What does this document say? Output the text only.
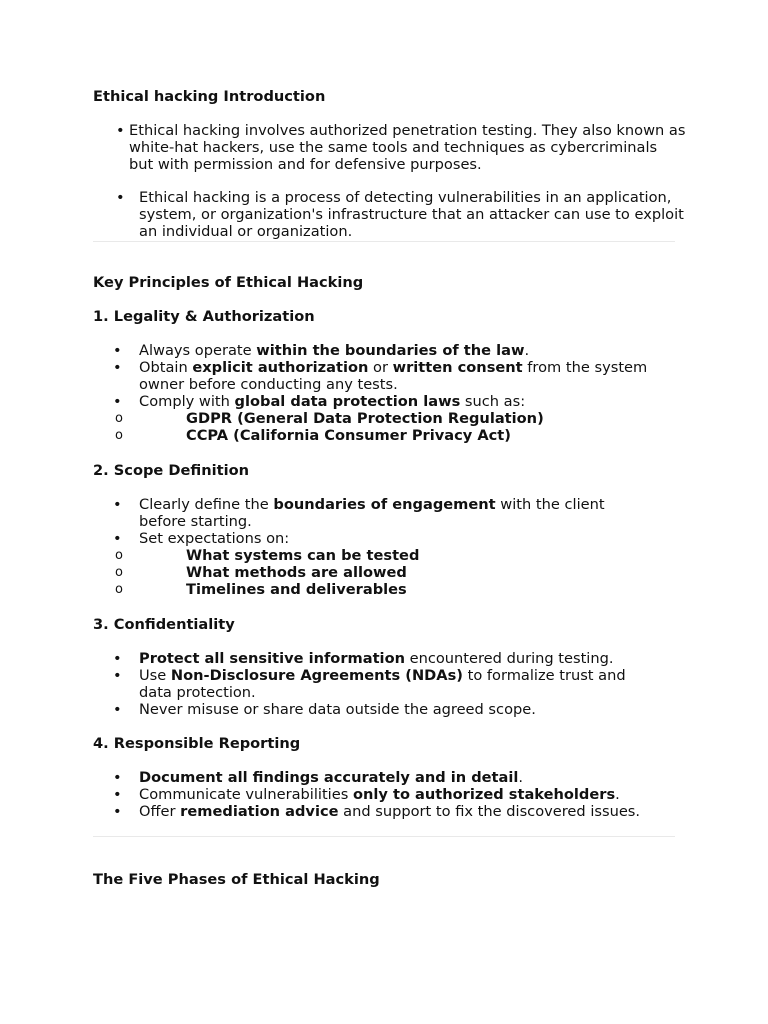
Ethical hacking Introduction
• Ethical hacking involves authorized penetration testing. They also known as white-hat hackers, use the same tools and techniques as cybercriminals but with permission and for defensive purposes.
• Ethical hacking is a process of detecting vulnerabilities in an application, system, or organization's infrastructure that an attacker can use to exploit an individual or organization.
Key Principles of Ethical Hacking
1. Legality & Authorization
• Always operate within the boundaries of the law.
• Obtain explicit authorization or written consent from the system owner before conducting any tests.
• Comply with global data protection laws such as:
o	GDPR (General Data Protection Regulation)
o	CCPA (California Consumer Privacy Act)
2. Scope Definition
• Clearly define the boundaries of engagement with the client before starting.
• Set expectations on:
o	What systems can be tested
o	What methods are allowed
o	Timelines and deliverables
3. Confidentiality
• Protect all sensitive information encountered during testing.
• Use Non-Disclosure Agreements (NDAs) to formalize trust and data protection.
• Never misuse or share data outside the agreed scope.
4. Responsible Reporting
• Document all findings accurately and in detail.
• Communicate vulnerabilities only to authorized stakeholders.
• Offer remediation advice and support to fix the discovered issues.
The Five Phases of Ethical Hacking
